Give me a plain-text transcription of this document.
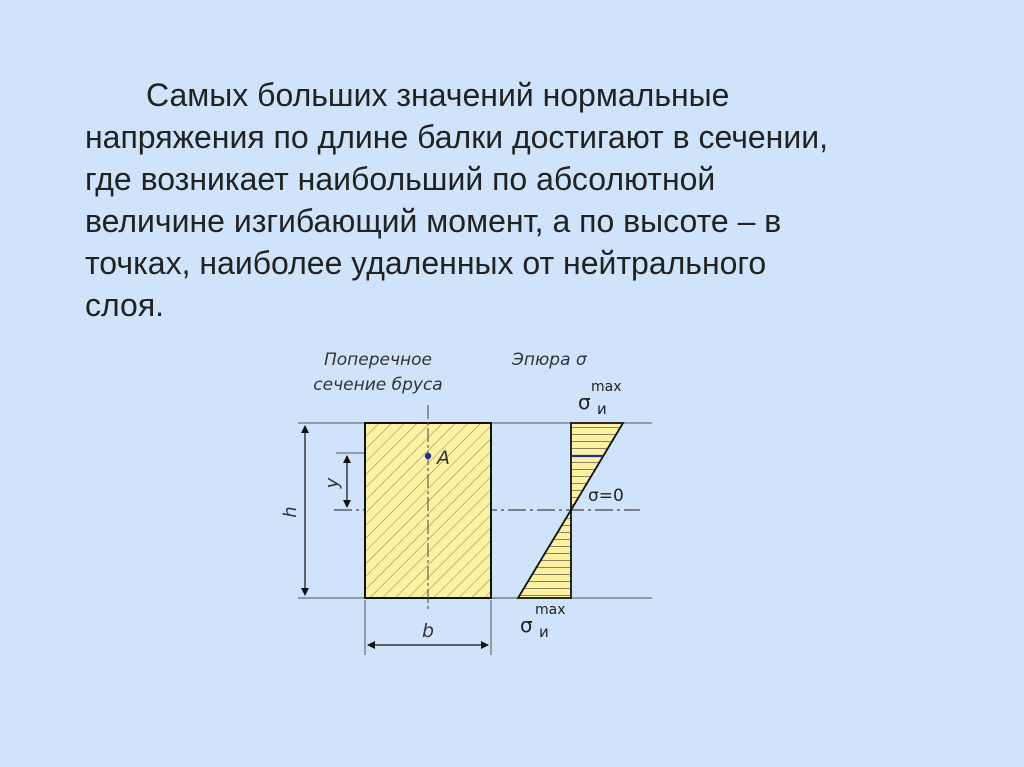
Самых больших значений нормальные
напряжения по длине балки достигают в сечении,
где возникает наибольший по абсолютной
величине изгибающий момент, а по высоте – в
точках, наиболее удаленных от нейтрального
слоя.

Поперечное
сечение бруса
Эпюра σ
A
h
y
b
σ $_и$
max
σ=0
σ $_и$
max
